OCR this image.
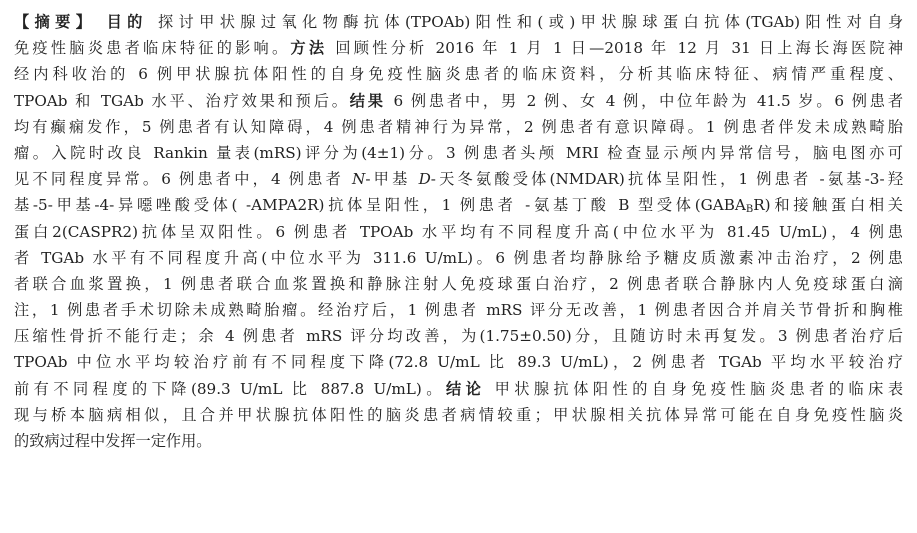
【摘要】 目的 探讨甲状腺过氧化物酶抗体(TPOAb)阳性和(或)甲状腺球蛋白抗体(TGAb)阳性对自身
免疫性脑炎患者临床特征的影响。方法 回顾性分析 2016 年 1 月 1 日—2018 年 12 月 31 日上海长海医院神
经内科收治的 6 例甲状腺抗体阳性的自身免疫性脑炎患者的临床资料，分析其临床特征、病情严重程度、
TPOAb 和 TGAb 水平、治疗效果和预后。结果 6 例患者中，男 2 例、女 4 例，中位年龄为 41.5 岁。6 例患者
均有癫痫发作，5 例患者有认知障碍，4 例患者精神行为异常，2 例患者有意识障碍。1 例患者伴发未成熟畸胎
瘤。入院时改良 Rankin 量表(mRS)评分为(4±1)分。3 例患者头颅 MRI 检查显示颅内异常信号，脑电图亦可
见不同程度异常。6 例患者中，4 例患者 N-甲基 D-天冬氨酸受体(NMDAR)抗体呈阳性，1 例患者 -氨基-3-羟
基-5-甲基-4-异噁唑酸受体( -AMPA2R)抗体呈阳性，1 例患者 -氨基丁酸 B 型受体$(GABA_BR)$和接触蛋白相关
蛋白2(CASPR2)抗体呈双阳性。6 例患者 TPOAb 水平均有不同程度升高(中位水平为 81.45 U/mL)，4 例患
者 TGAb 水平有不同程度升高(中位水平为 311.6 U/mL)。6 例患者均静脉给予糖皮质激素冲击治疗，2 例患
者联合血浆置换，1 例患者联合血浆置换和静脉注射人免疫球蛋白治疗，2 例患者联合静脉内人免疫球蛋白滴
注，1 例患者手术切除未成熟畸胎瘤。经治疗后，1 例患者 mRS 评分无改善，1 例患者因合并肩关节骨折和胸椎
压缩性骨折不能行走；余 4 例患者 mRS 评分均改善，为(1.75±0.50)分，且随访时未再复发。3 例患者治疗后
TPOAb 中位水平均较治疗前有不同程度下降(72.8 U/mL 比 89.3 U/mL)，2 例患者 TGAb 平均水平较治疗
前有不同程度的下降(89.3 U/mL 比 887.8 U/mL)。结论 甲状腺抗体阳性的自身免疫性脑炎患者的临床表
现与桥本脑病相似，且合并甲状腺抗体阳性的脑炎患者病情较重；甲状腺相关抗体异常可能在自身免疫性脑炎
的致病过程中发挥一定作用。
